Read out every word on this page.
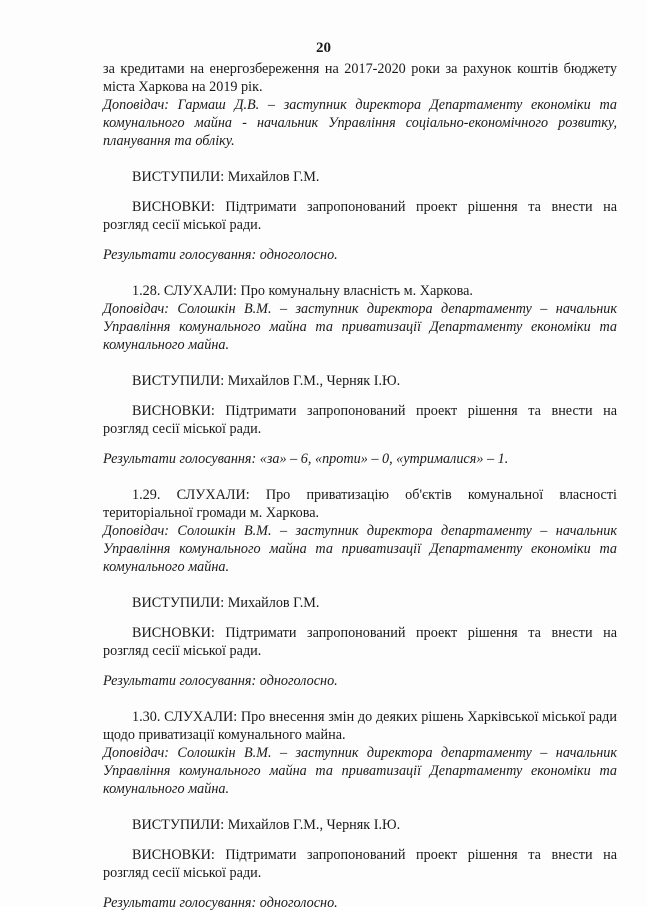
20

за кредитами на енергозбереження на 2017-2020 роки за рахунок коштів бюджету міста Харкова на 2019 рік.

Доповідач: Гармаш Д.В. – заступник директора Департаменту економіки та комунального майна - начальник Управління соціально-економічного розвитку, планування та обліку.

ВИСТУПИЛИ: Михайлов Г.М.

ВИСНОВКИ: Підтримати запропонований проект рішення та внести на розгляд сесії міської ради.

Результати голосування: одноголосно.

1.28. СЛУХАЛИ: Про комунальну власність м. Харкова.

Доповідач: Солошкін В.М. – заступник директора департаменту – начальник Управління комунального майна та приватизації Департаменту економіки та комунального майна.

ВИСТУПИЛИ: Михайлов Г.М., Черняк І.Ю.

ВИСНОВКИ: Підтримати запропонований проект рішення та внести на розгляд сесії міської ради.

Результати голосування: «за» – 6, «проти» – 0, «утрималися» – 1.

1.29. СЛУХАЛИ: Про приватизацію об'єктів комунальної власності територіальної громади м. Харкова.

Доповідач: Солошкін В.М. – заступник директора департаменту – начальник Управління комунального майна та приватизації Департаменту економіки та комунального майна.

ВИСТУПИЛИ: Михайлов Г.М.

ВИСНОВКИ: Підтримати запропонований проект рішення та внести на розгляд сесії міської ради.

Результати голосування: одноголосно.

1.30. СЛУХАЛИ: Про внесення змін до деяких рішень Харківської міської ради щодо приватизації комунального майна.

Доповідач: Солошкін В.М. – заступник директора департаменту – начальник Управління комунального майна та приватизації Департаменту економіки та комунального майна.

ВИСТУПИЛИ: Михайлов Г.М., Черняк І.Ю.

ВИСНОВКИ: Підтримати запропонований проект рішення та внести на розгляд сесії міської ради.

Результати голосування: одноголосно.
